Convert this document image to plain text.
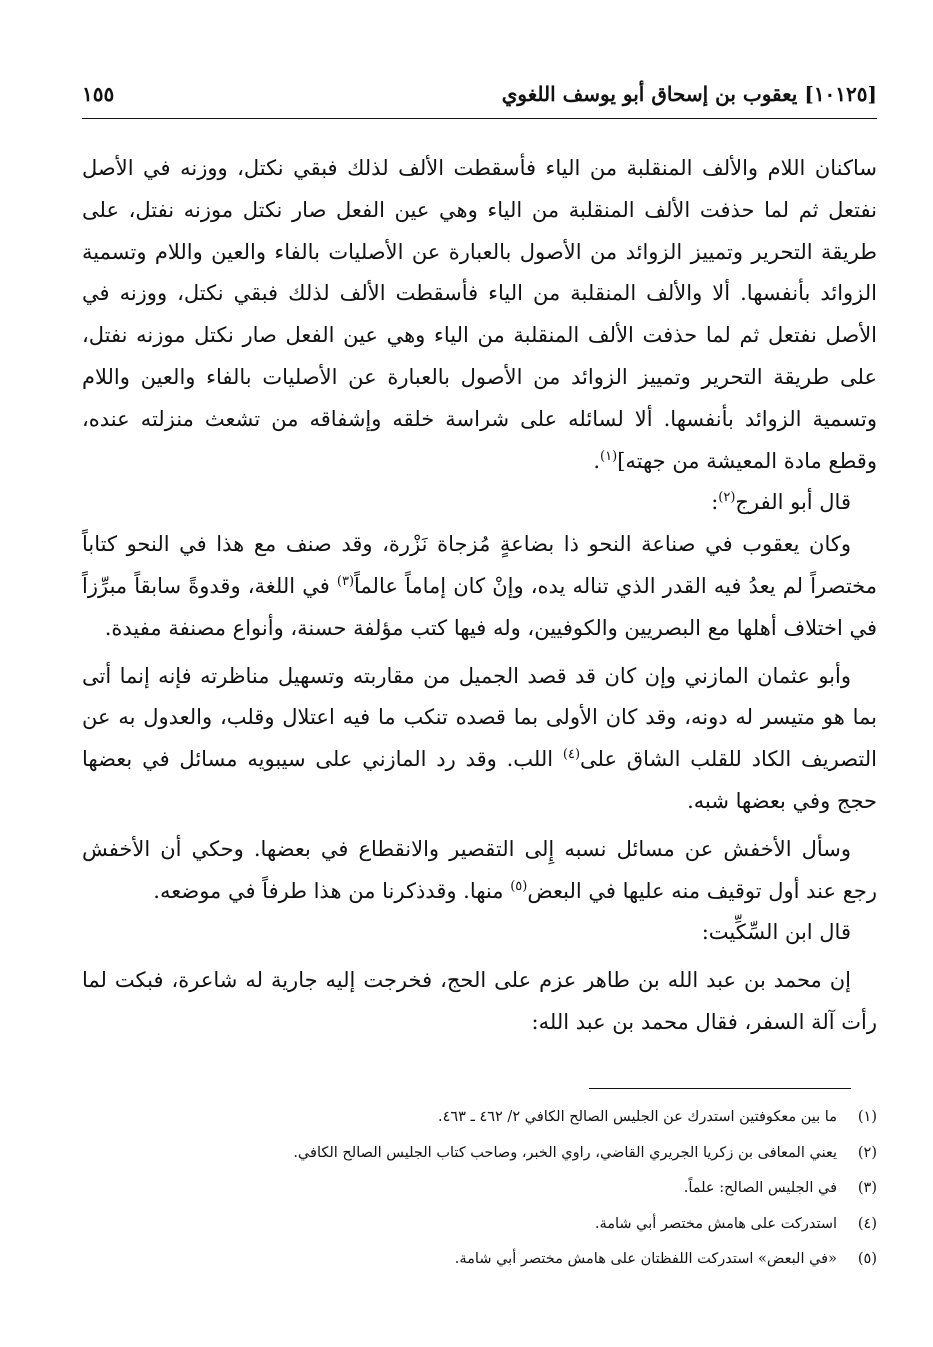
[١٠١٢٥] يعقوب بن إسحاق أبو يوسف اللغوي
١٥٥

ساكنان اللام والألف المنقلبة من الياء فأسقطت الألف لذلك فبقي نكتل، ووزنه في الأصل نفتعل ثم لما حذفت الألف المنقلبة من الياء وهي عين الفعل صار نكتل موزنه نفتل، على طريقة التحرير وتمييز الزوائد من الأصول بالعبارة عن الأصليات بالفاء والعين واللام وتسمية الزوائد بأنفسها. ألا والألف المنقلبة من الياء فأسقطت الألف لذلك فبقي نكتل، ووزنه في الأصل نفتعل ثم لما حذفت الألف المنقلبة من الياء وهي عين الفعل صار نكتل موزنه نفتل، على طريقة التحرير وتمييز الزوائد من الأصول بالعبارة عن الأصليات بالفاء والعين واللام وتسمية الزوائد بأنفسها. ألا لسائله على شراسة خلقه وإشفاقه من تشعث منزلته عنده، وقطع مادة المعيشة من جهته]$^{(١)}$.

قال أبو الفرج$^{(٢)}$:

وكان يعقوب في صناعة النحو ذا بضاعةٍ مُزجاة نَزْرة، وقد صنف مع هذا في النحو كتاباً مختصراً لم يعدُ فيه القدر الذي تناله يده، وإنْ كان إماماً عالماً$^{(٣)}$ في اللغة، وقدوةً سابقاً مبرِّزاً في اختلاف أهلها مع البصريين والكوفيين، وله فيها كتب مؤلفة حسنة، وأنواع مصنفة مفيدة.

وأبو عثمان المازني وإن كان قد قصد الجميل من مقاربته وتسهيل مناظرته فإنه إنما أتى بما هو متيسر له دونه، وقد كان الأولى بما قصده تنكب ما فيه اعتلال وقلب، والعدول به عن التصريف الكاد للقلب الشاق على$^{(٤)}$ اللب. وقد رد المازني على سيبويه مسائل في بعضها حجج وفي بعضها شبه.

وسأل الأخفش عن مسائل نسبه إِلى التقصير والانقطاع في بعضها. وحكي أن الأخفش رجع عند أول توقيف منه عليها في البعض$^{(٥)}$ منها. وقدذكرنا من هذا طرفاً في موضعه.

قال ابن السِّكِّيت:

إن محمد بن عبد الله بن طاهر عزم على الحج، فخرجت إليه جارية له شاعرة، فبكت لما رأت آلة السفر، فقال محمد بن عبد الله:

(١)
ما بين معكوفتين استدرك عن الجليس الصالح الكافي ٢/ ٤٦٢ ـ ٤٦٣.
(٢)
يعني المعافى بن زكريا الجريري القاضي، راوي الخبر، وصاحب كتاب الجليس الصالح الكافي.
(٣)
في الجليس الصالح: علماً.
(٤)
استدركت على هامش مختصر أبي شامة.
(٥)
«في البعض» استدركت اللفظتان على هامش مختصر أبي شامة.
